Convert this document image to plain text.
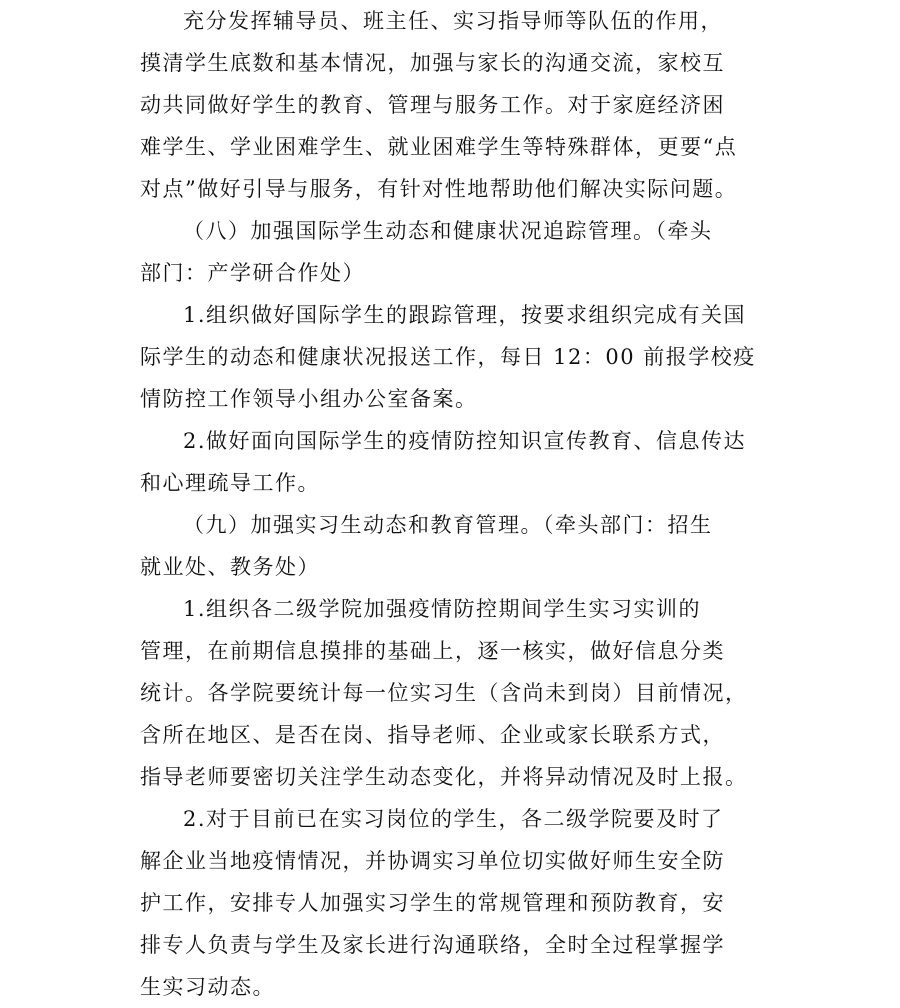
充分发挥辅导员、班主任、实习指导师等队伍的作用，
摸清学生底数和基本情况，加强与家长的沟通交流，家校互
动共同做好学生的教育、管理与服务工作。对于家庭经济困
难学生、学业困难学生、就业困难学生等特殊群体，更要“点
对点”做好引导与服务，有针对性地帮助他们解决实际问题。
（八）加强国际学生动态和健康状况追踪管理。（牵头
部门：产学研合作处）
1.组织做好国际学生的跟踪管理，按要求组织完成有关国
际学生的动态和健康状况报送工作，每日 12：00 前报学校疫
情防控工作领导小组办公室备案。
2.做好面向国际学生的疫情防控知识宣传教育、信息传达
和心理疏导工作。
（九）加强实习生动态和教育管理。（牵头部门：招生
就业处、教务处）
1.组织各二级学院加强疫情防控期间学生实习实训的
管理，在前期信息摸排的基础上，逐一核实，做好信息分类
统计。各学院要统计每一位实习生（含尚未到岗）目前情况，
含所在地区、是否在岗、指导老师、企业或家长联系方式，
指导老师要密切关注学生动态变化，并将异动情况及时上报。
2.对于目前已在实习岗位的学生，各二级学院要及时了
解企业当地疫情情况，并协调实习单位切实做好师生安全防
护工作，安排专人加强实习学生的常规管理和预防教育，安
排专人负责与学生及家长进行沟通联络，全时全过程掌握学
生实习动态。
